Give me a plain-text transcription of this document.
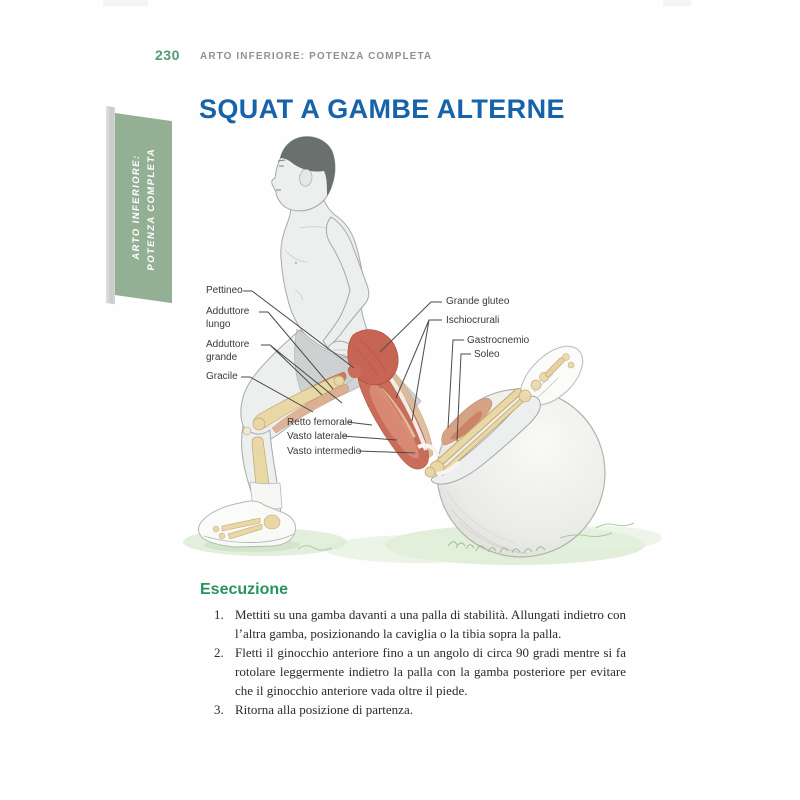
230 ARTO INFERIORE: POTENZA COMPLETA
SQUAT A GAMBE ALTERNE
ARTO INFERIORE: POTENZA COMPLETA
Pettineo
Adduttore lungo
Adduttore grande
Gracile
Grande gluteo
Ischiocrurali
Gastrocnemio
Soleo
Retto femorale
Vasto laterale
Vasto intermedio
Esecuzione
1. Mettiti su una gamba davanti a una palla di stabilità. Allungati indietro con l’altra gamba, posizionando la caviglia o la tibia sopra la palla.
2. Fletti il ginocchio anteriore fino a un angolo di circa 90 gradi mentre si fa rotolare leggermente indietro la palla con la gamba posteriore per evitare che il ginocchio anteriore vada oltre il piede.
3. Ritorna alla posizione di partenza.
